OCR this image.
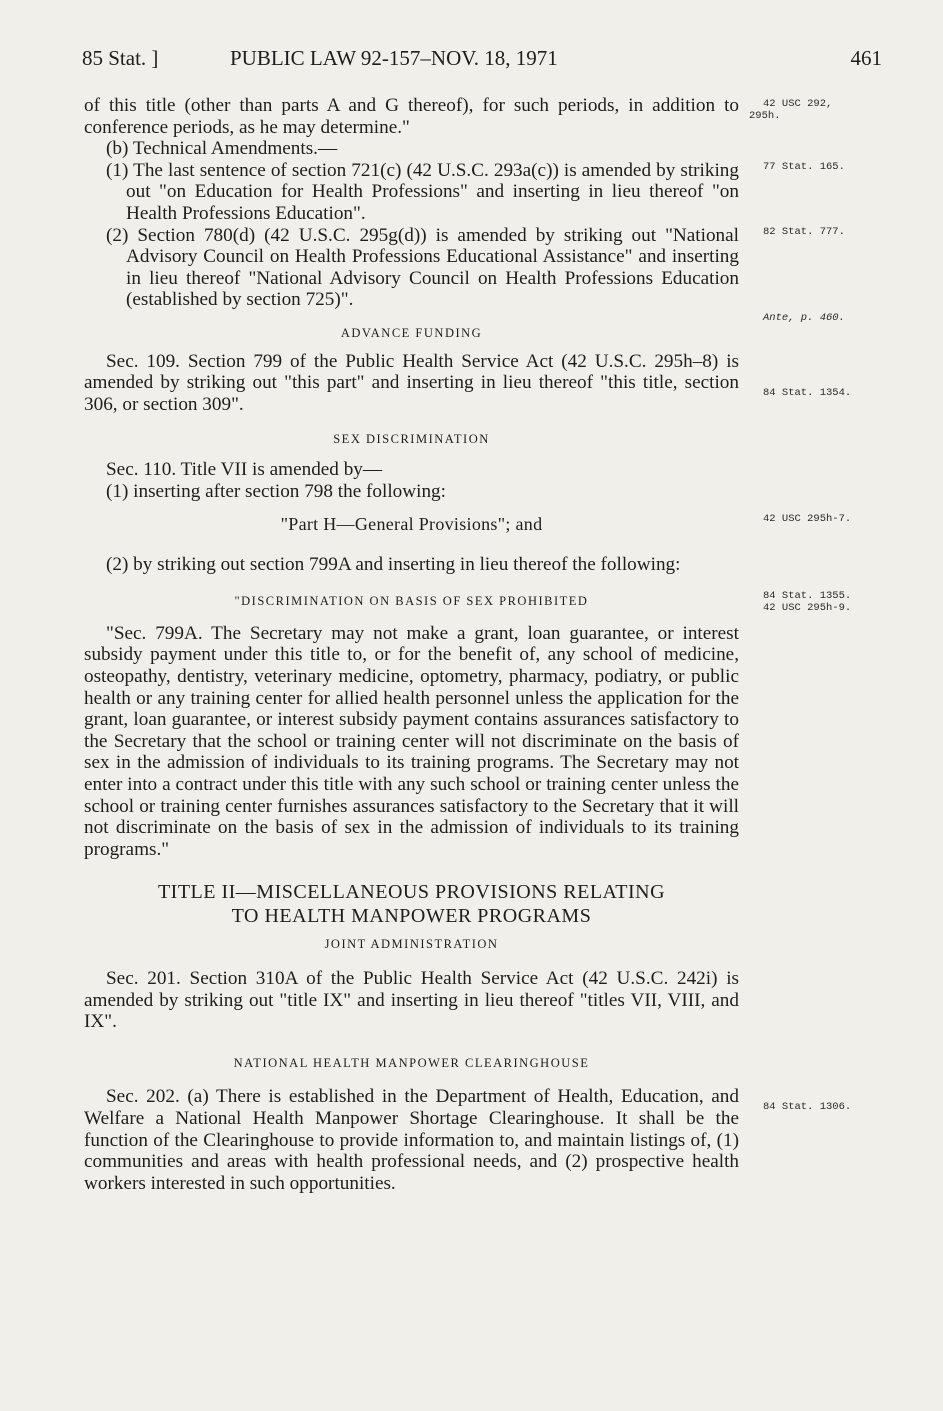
85 Stat. ]	PUBLIC LAW 92-157–NOV. 18, 1971	461

of this title (other than parts A and G thereof), for such periods, in addition to conference periods, as he may determine."

(b) Technical Amendments.—

(1) The last sentence of section 721(c) (42 U.S.C. 293a(c)) is amended by striking out "on Education for Health Professions" and inserting in lieu thereof "on Health Professions Education".

(2) Section 780(d) (42 U.S.C. 295g(d)) is amended by striking out "National Advisory Council on Health Professions Educational Assistance" and inserting in lieu thereof "National Advisory Council on Health Professions Education (established by section 725)".

ADVANCE FUNDING

Sec. 109. Section 799 of the Public Health Service Act (42 U.S.C. 295h–8) is amended by striking out "this part" and inserting in lieu thereof "this title, section 306, or section 309".

SEX DISCRIMINATION

Sec. 110. Title VII is amended by—

(1) inserting after section 798 the following:

"Part H—General Provisions"; and

(2) by striking out section 799A and inserting in lieu thereof the following:

"DISCRIMINATION ON BASIS OF SEX PROHIBITED

"Sec. 799A. The Secretary may not make a grant, loan guarantee, or interest subsidy payment under this title to, or for the benefit of, any school of medicine, osteopathy, dentistry, veterinary medicine, optometry, pharmacy, podiatry, or public health or any training center for allied health personnel unless the application for the grant, loan guarantee, or interest subsidy payment contains assurances satisfactory to the Secretary that the school or training center will not discriminate on the basis of sex in the admission of individuals to its training programs. The Secretary may not enter into a contract under this title with any such school or training center unless the school or training center furnishes assurances satisfactory to the Secretary that it will not discriminate on the basis of sex in the admission of individuals to its training programs."

TITLE II—MISCELLANEOUS PROVISIONS RELATING

TO HEALTH MANPOWER PROGRAMS

JOINT ADMINISTRATION

Sec. 201. Section 310A of the Public Health Service Act (42 U.S.C. 242i) is amended by striking out "title IX" and inserting in lieu thereof "titles VII, VIII, and IX".

NATIONAL HEALTH MANPOWER CLEARINGHOUSE

Sec. 202. (a) There is established in the Department of Health, Education, and Welfare a National Health Manpower Shortage Clearinghouse. It shall be the function of the Clearinghouse to provide information to, and maintain listings of, (1) communities and areas with health professional needs, and (2) prospective health workers interested in such opportunities.

42 USC 292,
295h.
77 Stat. 165.
82 Stat. 777.
Ante, p. 460.
84 Stat. 1354.
42 USC 295h-7.
84 Stat. 1355.
42 USC 295h-9.
84 Stat. 1306.
